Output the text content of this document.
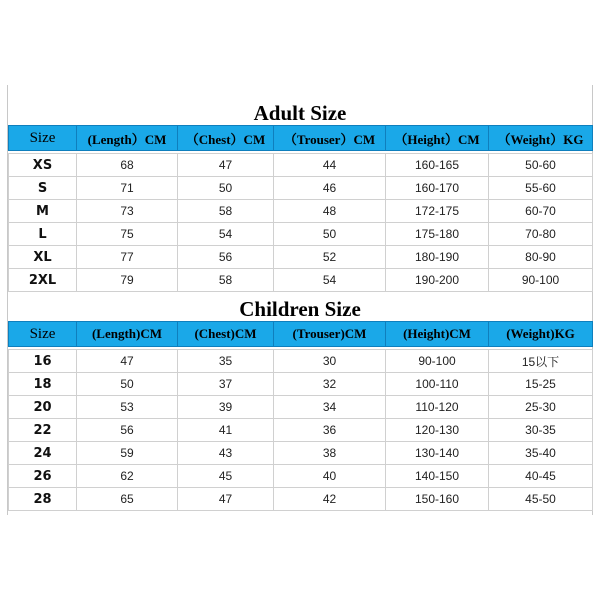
Adult Size
Size	(Length）CM	（Chest）CM	（Trouser）CM	（Height）CM	（Weight）KG

XS	68	47	44	160-165	50-60
S	71	50	46	160-170	55-60
M	73	58	48	172-175	60-70
L	75	54	50	175-180	70-80
XL	77	56	52	180-190	80-90
2XL	79	58	54	190-200	90-100
Children Size
Size	(Length)CM	(Chest)CM	(Trouser)CM	(Height)CM	(Weight)KG

16	47	35	30	90-100	15以下
18	50	37	32	100-110	15-25
20	53	39	34	110-120	25-30
22	56	41	36	120-130	30-35
24	59	43	38	130-140	35-40
26	62	45	40	140-150	40-45
28	65	47	42	150-160	45-50
